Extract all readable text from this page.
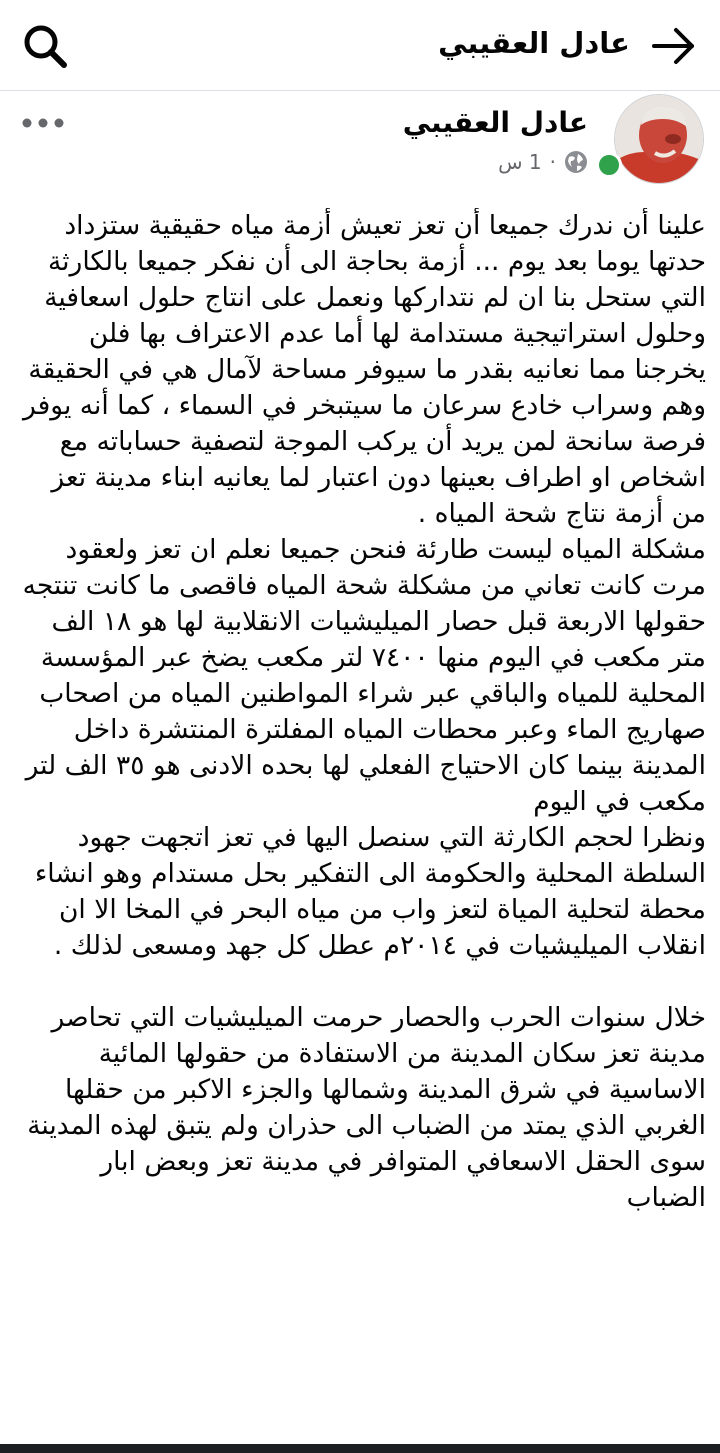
عادل العقيبي
عادل العقيبي
1 س ·

علينا أن ندرك جميعا أن تعز تعيش أزمة مياه حقيقية ستزداد حدتها يوما بعد يوم ... أزمة بحاجة الى أن نفكر جميعا بالكارثة التي ستحل بنا ان لم نتداركها ونعمل على انتاج حلول اسعافية وحلول استراتيجية مستدامة لها أما عدم الاعتراف بها فلن يخرجنا مما نعانيه بقدر ما سيوفر مساحة لآمال هي في الحقيقة وهم وسراب خادع سرعان ما سيتبخر في السماء ، كما أنه يوفر فرصة سانحة لمن يريد أن يركب الموجة لتصفية حساباته مع اشخاص او اطراف بعينها دون اعتبار لما يعانيه ابناء مدينة تعز من أزمة نتاج شحة المياه .

مشكلة المياه ليست طارئة فنحن جميعا نعلم ان تعز ولعقود مرت كانت تعاني من مشكلة شحة المياه فاقصى ما كانت تنتجه حقولها الاربعة قبل حصار الميليشيات الانقلابية لها هو ١٨ الف متر مكعب في اليوم منها ٧٤٠٠ لتر مكعب يضخ عبر المؤسسة المحلية للمياه والباقي عبر شراء المواطنين المياه من اصحاب صهاريج الماء وعبر محطات المياه المفلترة المنتشرة داخل المدينة بينما كان الاحتياج الفعلي لها بحده الادنى هو ٣٥ الف لتر مكعب في اليوم

ونظرا لحجم الكارثة التي سنصل اليها في تعز اتجهت جهود السلطة المحلية والحكومة الى التفكير بحل مستدام وهو انشاء محطة لتحلية المياة لتعز واب من مياه البحر في المخا الا ان انقلاب الميليشيات في ٢٠١٤م عطل كل جهد ومسعى لذلك .

خلال سنوات الحرب والحصار حرمت الميليشيات التي تحاصر مدينة تعز سكان المدينة من الاستفادة من حقولها المائية الاساسية في شرق المدينة وشمالها والجزء الاكبر من حقلها الغربي الذي يمتد من الضباب الى حذران ولم يتبق لهذه المدينة سوى الحقل الاسعافي المتوافر في مدينة تعز وبعض ابار الضباب
